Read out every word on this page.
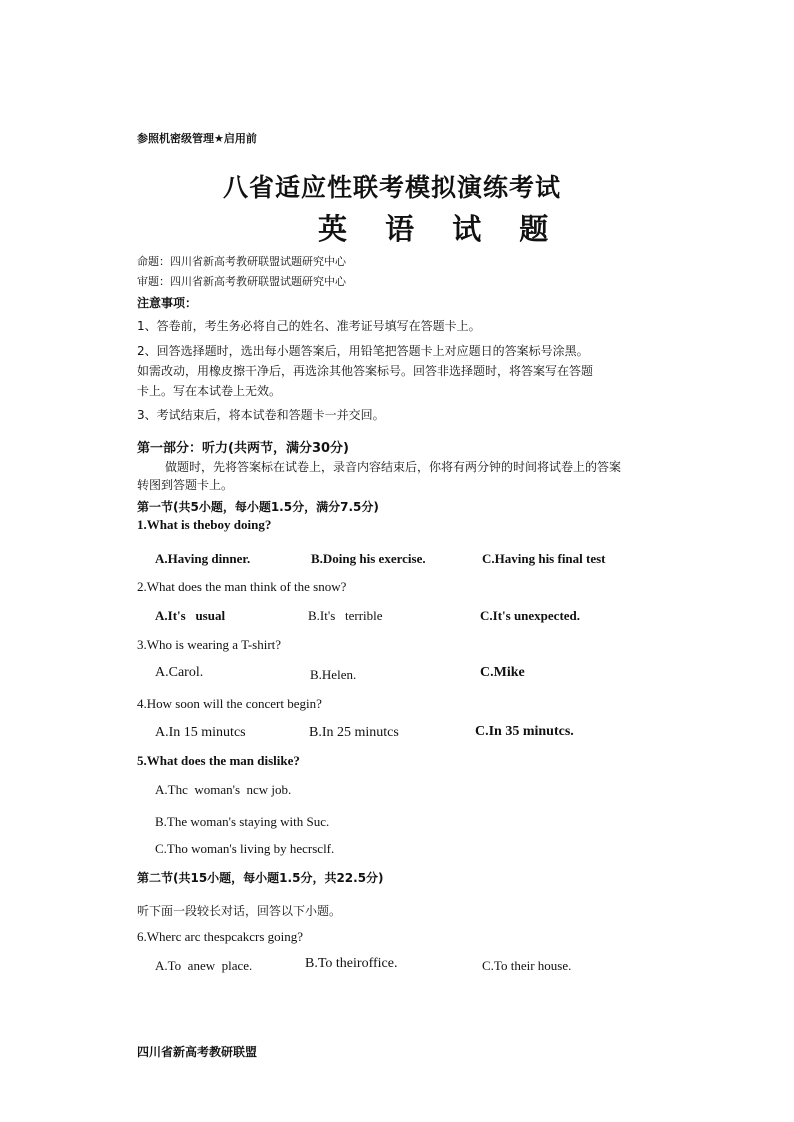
参照机密级管理★启用前
八省适应性联考模拟演练考试
英 语 试 题
命题：四川省新高考教研联盟试题研究中心
审题：四川省新高考教研联盟试题研究中心
注意事项：
1、答卷前，考生务必将自己的姓名、准考证号填写在答题卡上。
2、回答选择题时，选出每小题答案后，用铅笔把答题卡上对应题日的答案标号涂黑。
如需改动，用橡皮擦干净后，再选涂其他答案标号。回答非选择题时，将答案写在答题
卡上。写在本试卷上无效。
3、考试结束后，将本试卷和答题卡一并交回。
第一部分：听力(共两节，满分30分)
做题时，先将答案标在试卷上，录音内容结束后，你将有两分钟的时间将试卷上的答案
转图到答题卡上。
第一节(共5小题，每小题1.5分，满分7.5分)
1.What is theboy doing?
A.Having dinner.	B.Doing his exercise.	C.Having his final test
2.What does the man think of the snow?
A.It's   usual	B.It's   terrible	C.It's unexpected.
3.Who is wearing a T-shirt?
A.Carol.	B.Helen.	C.Mike
4.How soon will the concert begin?
A.In 15 minutcs	B.In 25 minutcs	C.In 35 minutcs.
5.What does the man dislike?
A.Thc  woman's  ncw job.
B.The woman's staying with Suc.
C.Tho woman's living by hecrsclf.
第二节(共15小题，每小题1.5分，共22.5分)
听下面一段较长对话，回答以下小题。
6.Wherc arc thespcakcrs going?
A.To  anew  place.	B.To theiroffice.	C.To their house.
四川省新高考教研联盟
